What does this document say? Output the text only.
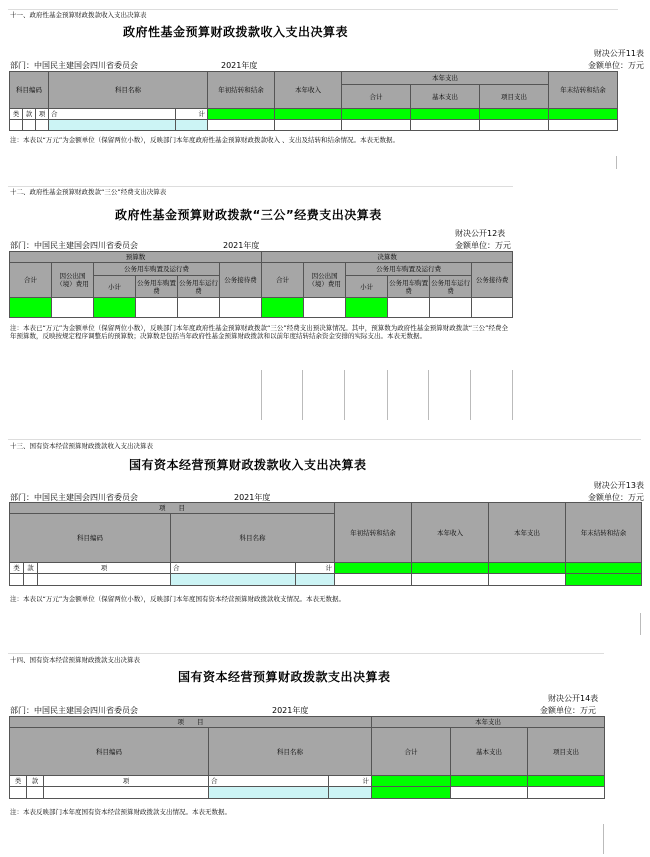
十一、政府性基金预算财政拨款收入支出决算表
政府性基金预算财政拨款收入支出决算表
财决公开11表
部门：中国民主建国会四川省委员会	2021年度	金额单位：万元
科目编码			科目名称		年初结转和结余	本年收入	本年支出			年末结转和结余
							合计	基本支出	项目支出	
类	款	项	合	计						

注：本表以“万元”为金额单位（保留两位小数），反映部门本年度政府性基金预算财政拨款收入 、支出及结转和结余情况。本表无数据。
十二、政府性基金预算财政拨款“三公”经费支出决算表
政府性基金预算财政拨款“三公”经费支出决算表
财决公开12表
部门：中国民主建国会四川省委员会	2021年度	金额单位：万元
预算数						决算数					
合计	因公出国（境）费用	公务用车购置及运行费			公务接待费	合计	因公出国（境）费用	公务用车购置及运行费			公务接待费
		小计	公务用车购置费	公务用车运行费				小计	公务用车购置费	公务用车运行费	

注：本表已“万元”为金额单位（保留两位小数），反映部门本年度政府性基金预算财政拨款“三公”经费支出预决算情况。其中，预算数为政府性基金预算财政拨款“三公”经费全年预算数，反映按规定程序调整后的预算数；决算数是包括当年政府性基金预算财政拨款和以前年度结转结余资金安排的实际支出。本表无数据。
十三、国有资本经营预算财政拨款收入支出决算表
国有资本经营预算财政拨款收入支出决算表
财决公开13表
部门：中国民主建国会四川省委员会	2021年度	金额单位：万元
项　　目					年初结转和结余	本年收入	本年支出	年末结转和结余
科目编码			科目名称					
类	款	项	合	计				

注：本表以“万元”为金额单位（保留两位小数），反映部门本年度国有资本经营预算财政拨款收支情况。本表无数据。
十四、国有资本经营预算财政拨款支出决算表
国有资本经营预算财政拨款支出决算表
财决公开14表
部门：中国民主建国会四川省委员会	2021年度	金额单位：万元
项　　目					本年支出		
科目编码			科目名称		合计	基本支出	项目支出
类	款	项	合	计			

注：本表反映部门本年度国有资本经营预算财政拨款支出情况。本表无数据。
